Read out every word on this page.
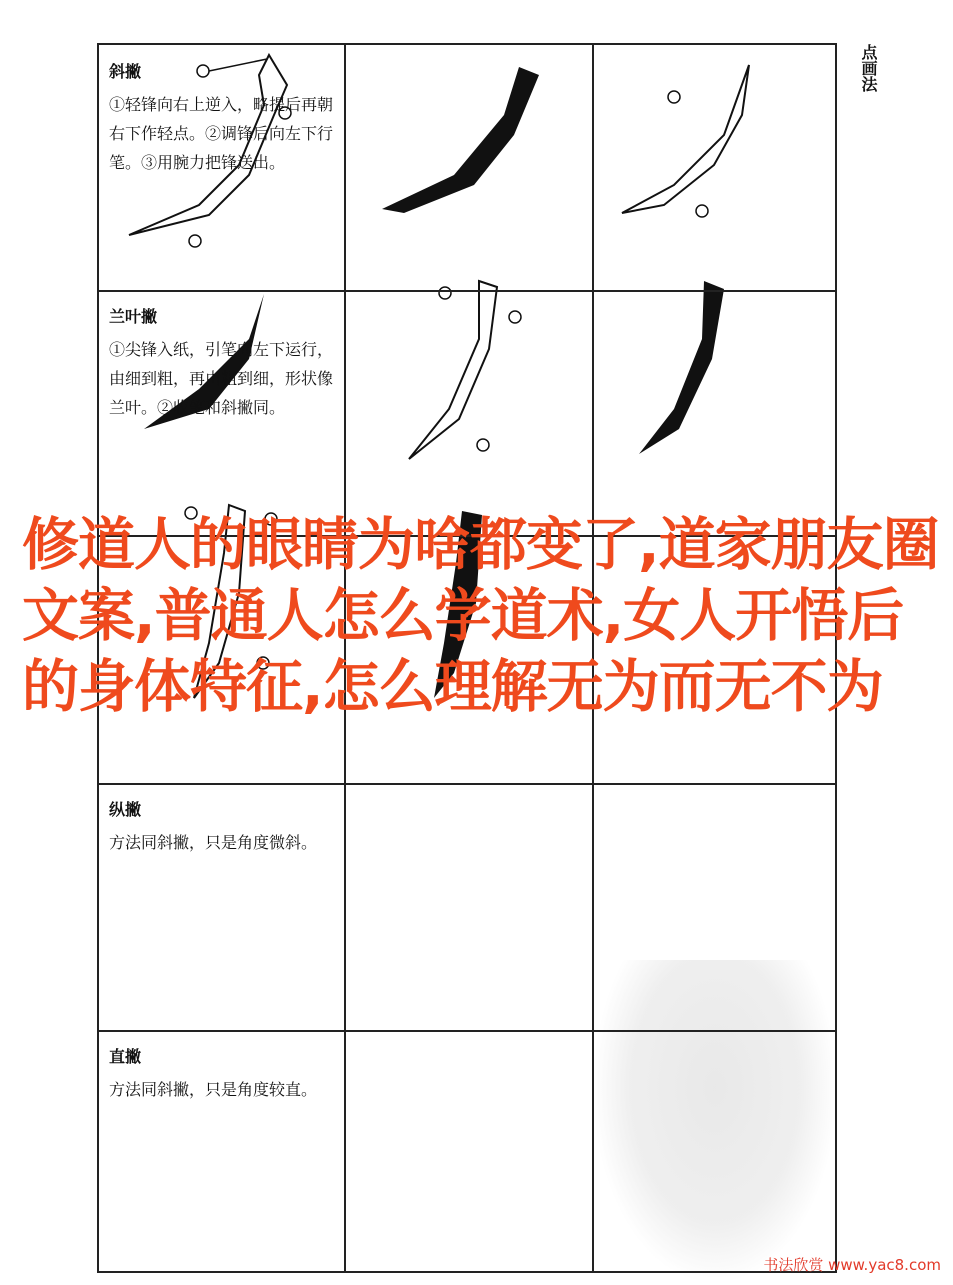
斜撇
①轻锋向右上逆入，略提后再朝右下作轻点。②调锋后向左下行笔。③用腕力把锋送出。
兰叶撇
①尖锋入纸，引笔向左下运行，由细到粗，再由粗到细，形状像兰叶。②收笔和斜撇同。
纵撇
方法同斜撇，只是角度微斜。
直撇
方法同斜撇，只是角度较直。

点画法
修道人的眼睛为啥都变了,道家朋友圈文案,普通人怎么学道术,女人开悟后的身体特征,怎么理解无为而无不为
书法欣赏 www.yac8.com
